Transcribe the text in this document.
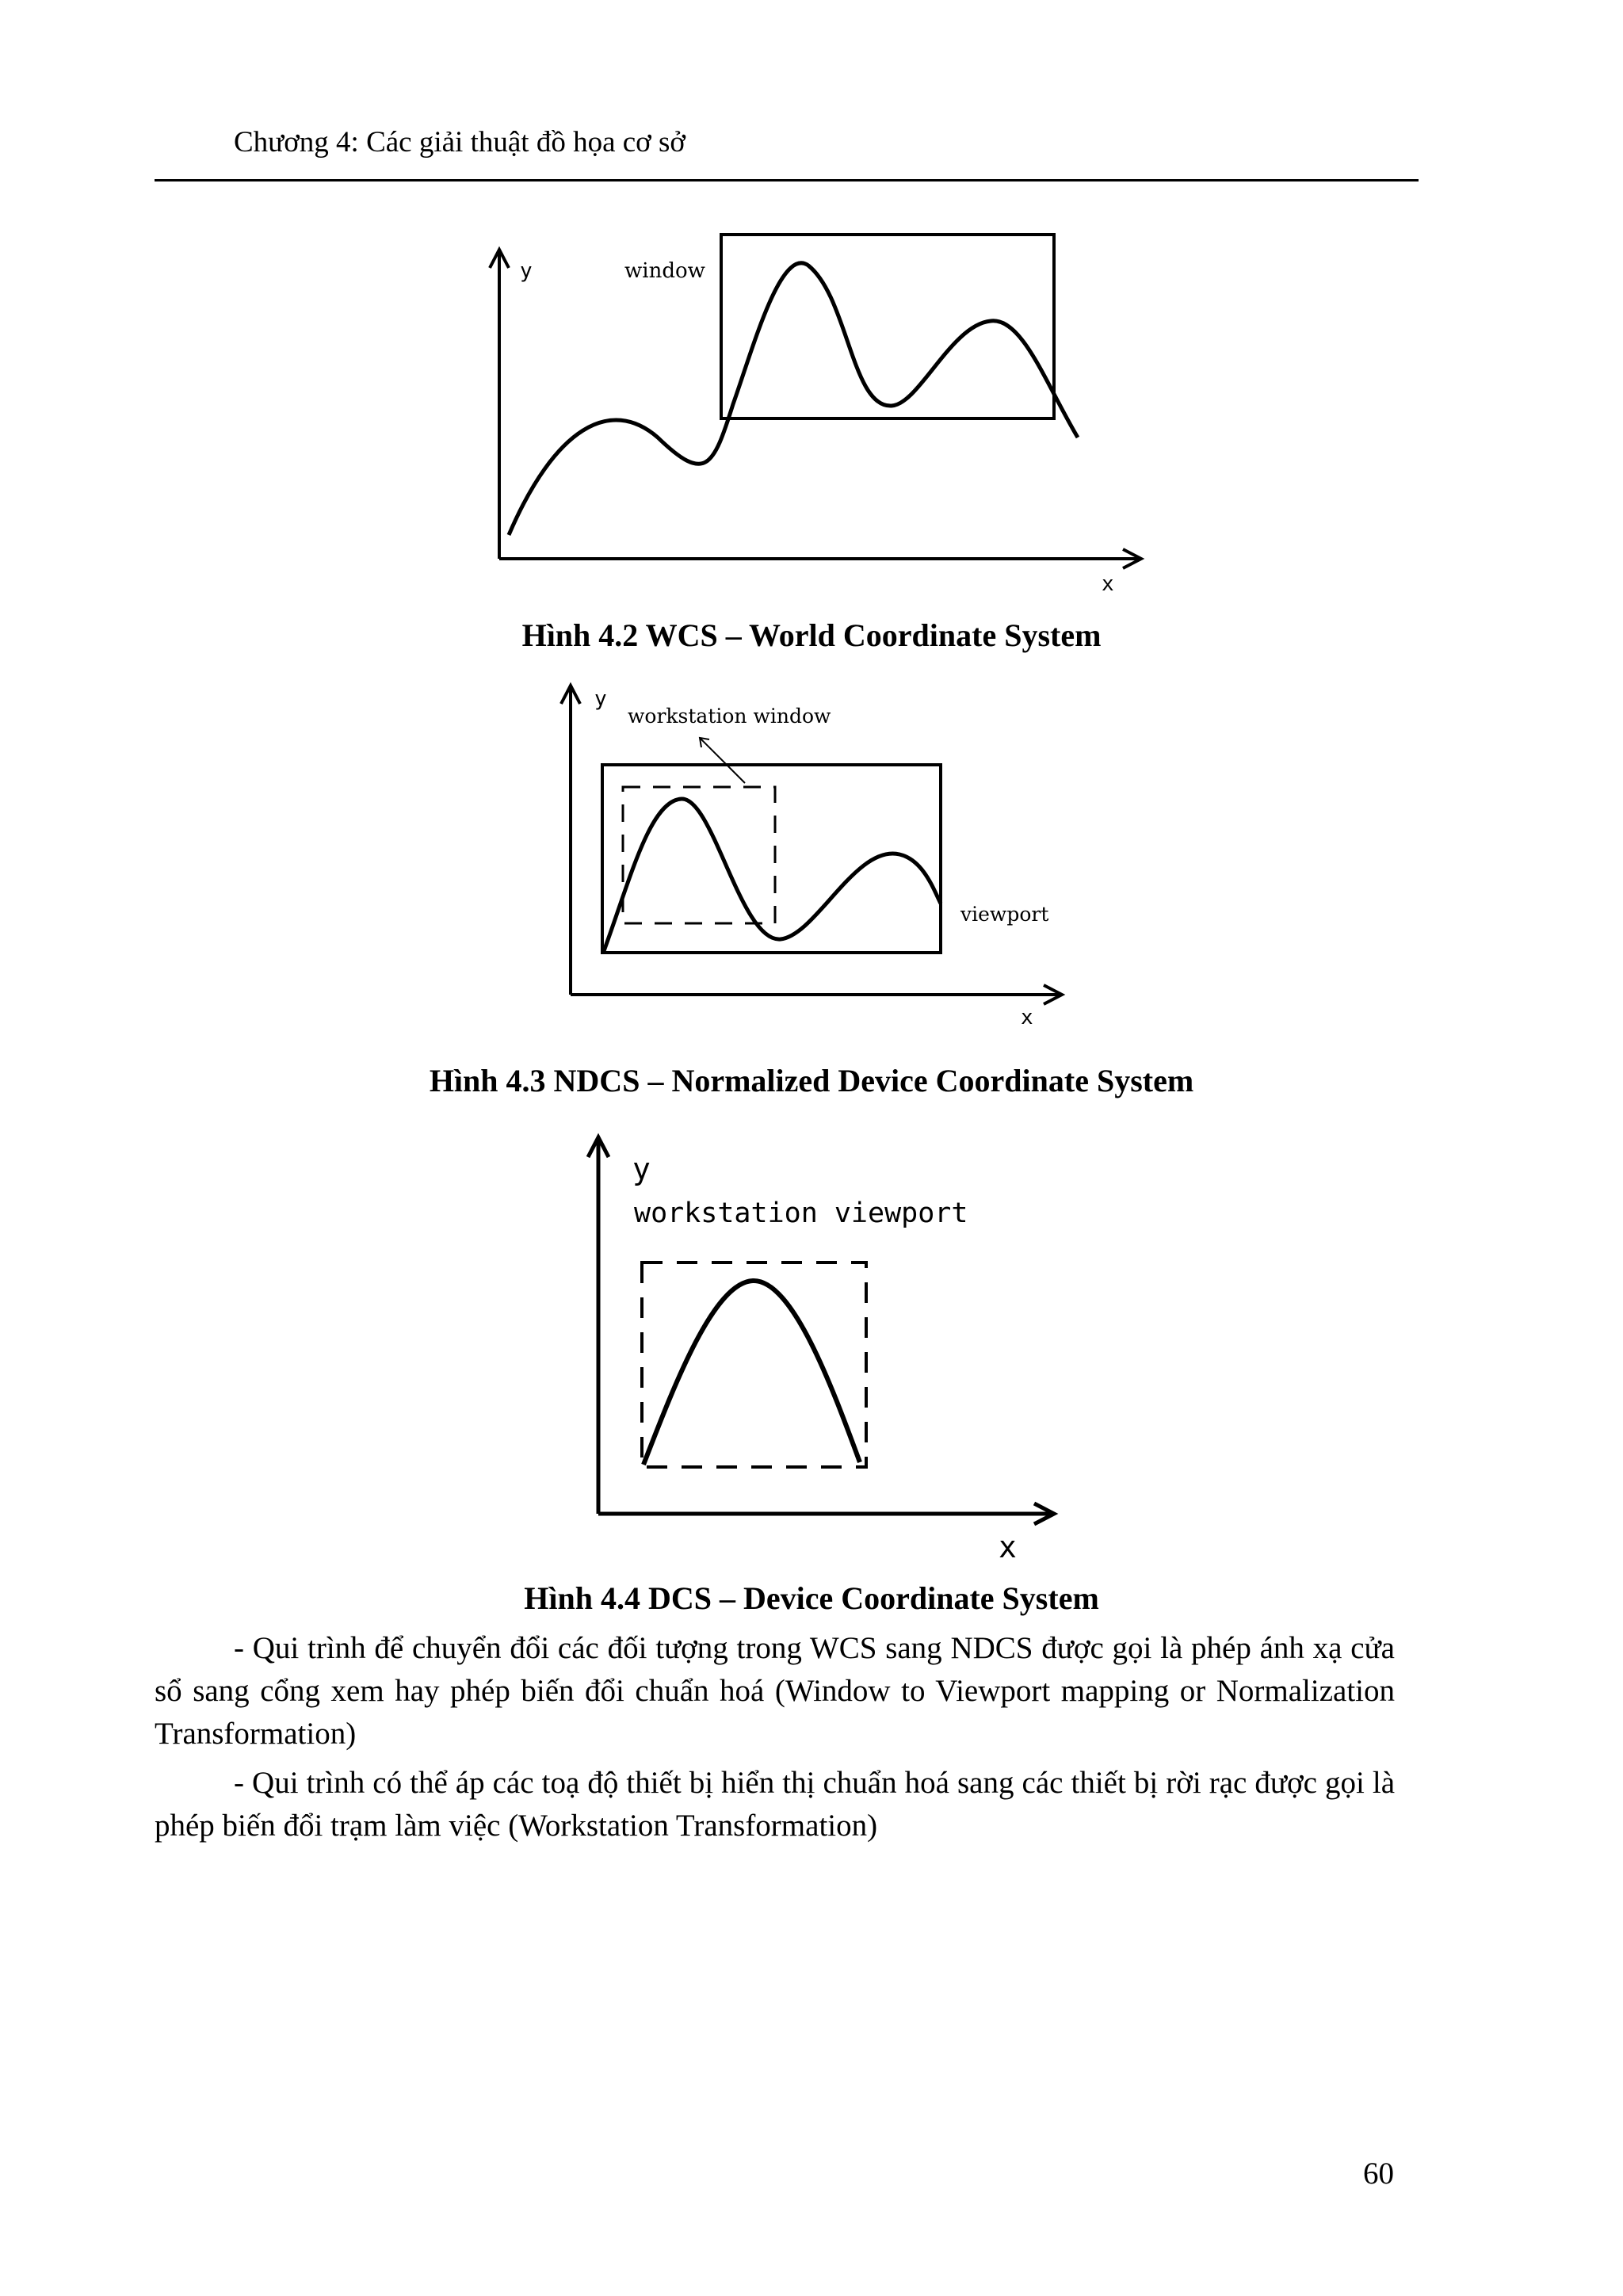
Chương 4: Các giải thuật đồ họa cơ sở
y
x
window
Hình 4.2 WCS – World Coordinate System
y
x
workstation window
viewport
Hình 4.3 NDCS – Normalized Device Coordinate System
y
x
workstation viewport
Hình 4.4 DCS – Device Coordinate System

- Qui trình để chuyển đổi các đối tượng trong WCS sang NDCS được gọi là phép ánh xạ cửa sổ sang cổng xem hay phép biến đổi chuẩn hoá (Window to Viewport mapping or Normalization Transformation)

- Qui trình có thể áp các toạ độ thiết bị hiển thị chuẩn hoá sang các thiết bị rời rạc được gọi là phép biến đổi trạm làm việc (Workstation Transformation)

60
